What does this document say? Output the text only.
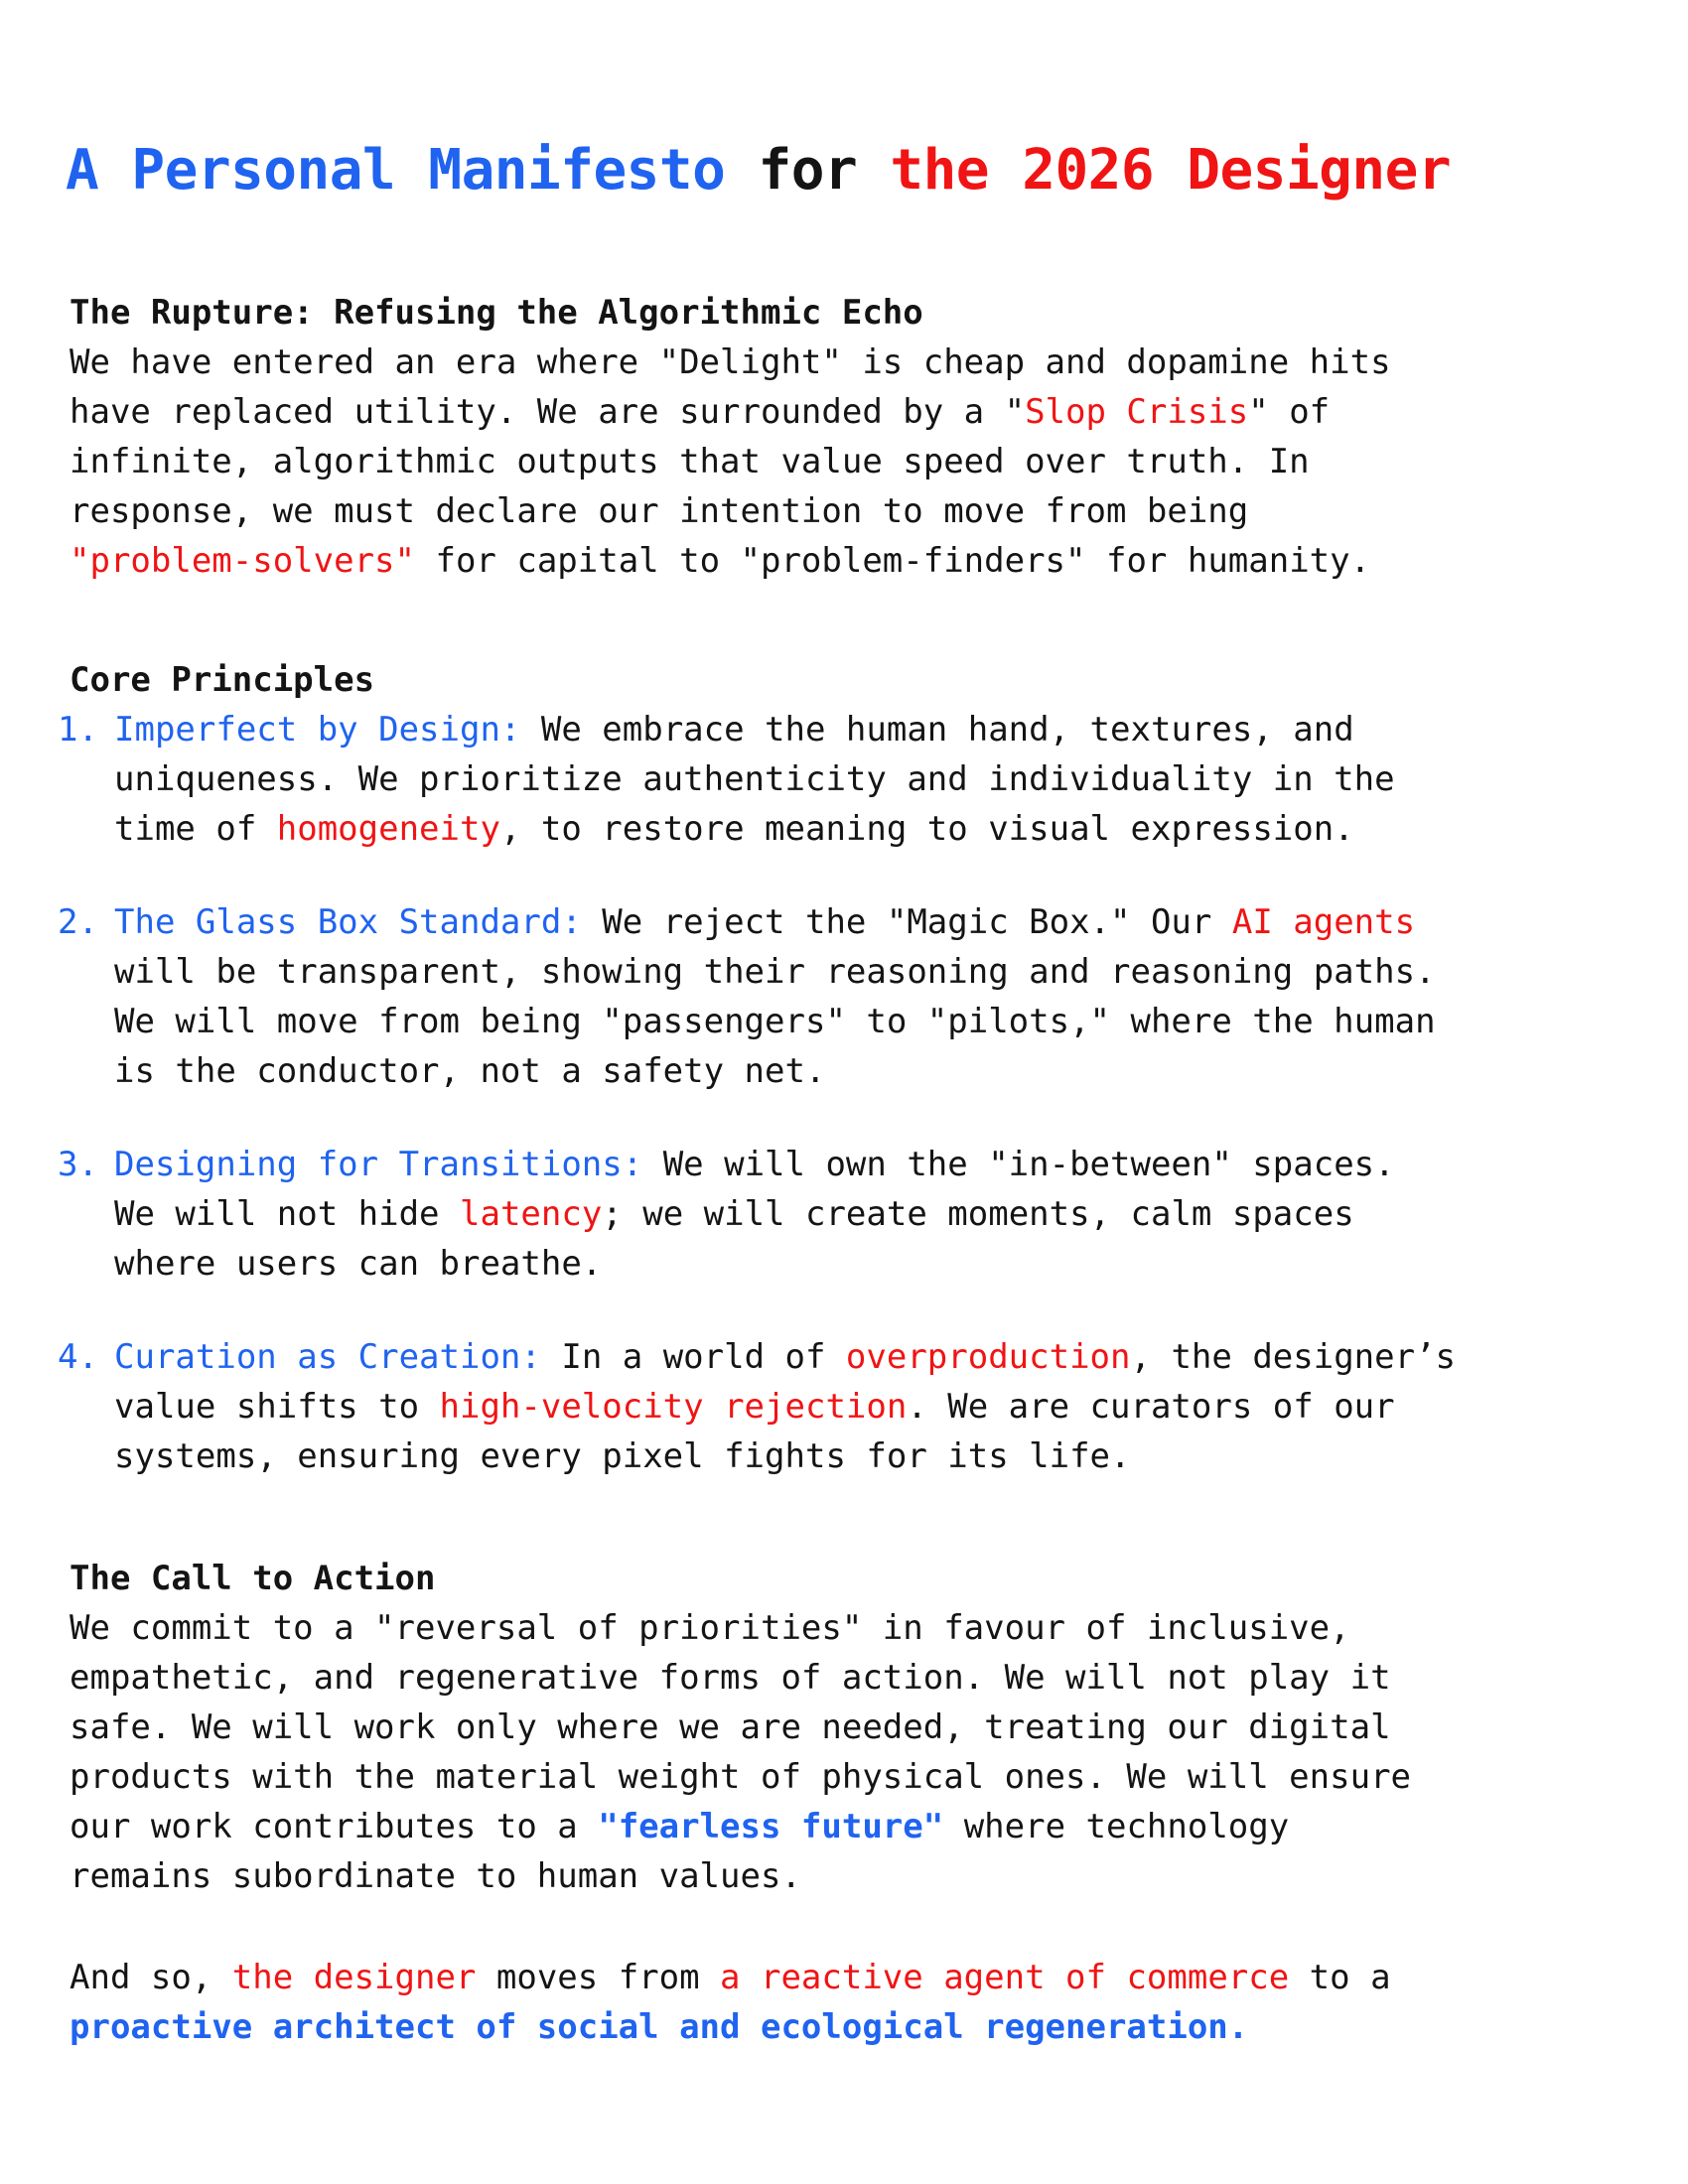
A Personal Manifesto for the 2026 Designer
The Rupture: Refusing the Algorithmic Echo

We have entered an era where "Delight" is cheap and dopamine hits
have replaced utility. We are surrounded by a "Slop Crisis" of
infinite, algorithmic outputs that value speed over truth. In
response, we must declare our intention to move from being
"problem-solvers" for capital to "problem-finders" for humanity.

Core Principles
1. Imperfect by Design: We embrace the human hand, textures, and
uniqueness. We prioritize authenticity and individuality in the
time of homogeneity, to restore meaning to visual expression.
2. The Glass Box Standard: We reject the "Magic Box." Our AI agents
will be transparent, showing their reasoning and reasoning paths.
We will move from being "passengers" to "pilots," where the human
is the conductor, not a safety net.
3. Designing for Transitions: We will own the "in-between" spaces.
We will not hide latency; we will create moments, calm spaces
where users can breathe.
4. Curation as Creation: In a world of overproduction, the designer’s
value shifts to high-velocity rejection. We are curators of our
systems, ensuring every pixel fights for its life.
The Call to Action

We commit to a "reversal of priorities" in favour of inclusive,
empathetic, and regenerative forms of action. We will not play it
safe. We will work only where we are needed, treating our digital
products with the material weight of physical ones. We will ensure
our work contributes to a "fearless future" where technology
remains subordinate to human values.

And so, the designer moves from a reactive agent of commerce to a
proactive architect of social and ecological regeneration.
